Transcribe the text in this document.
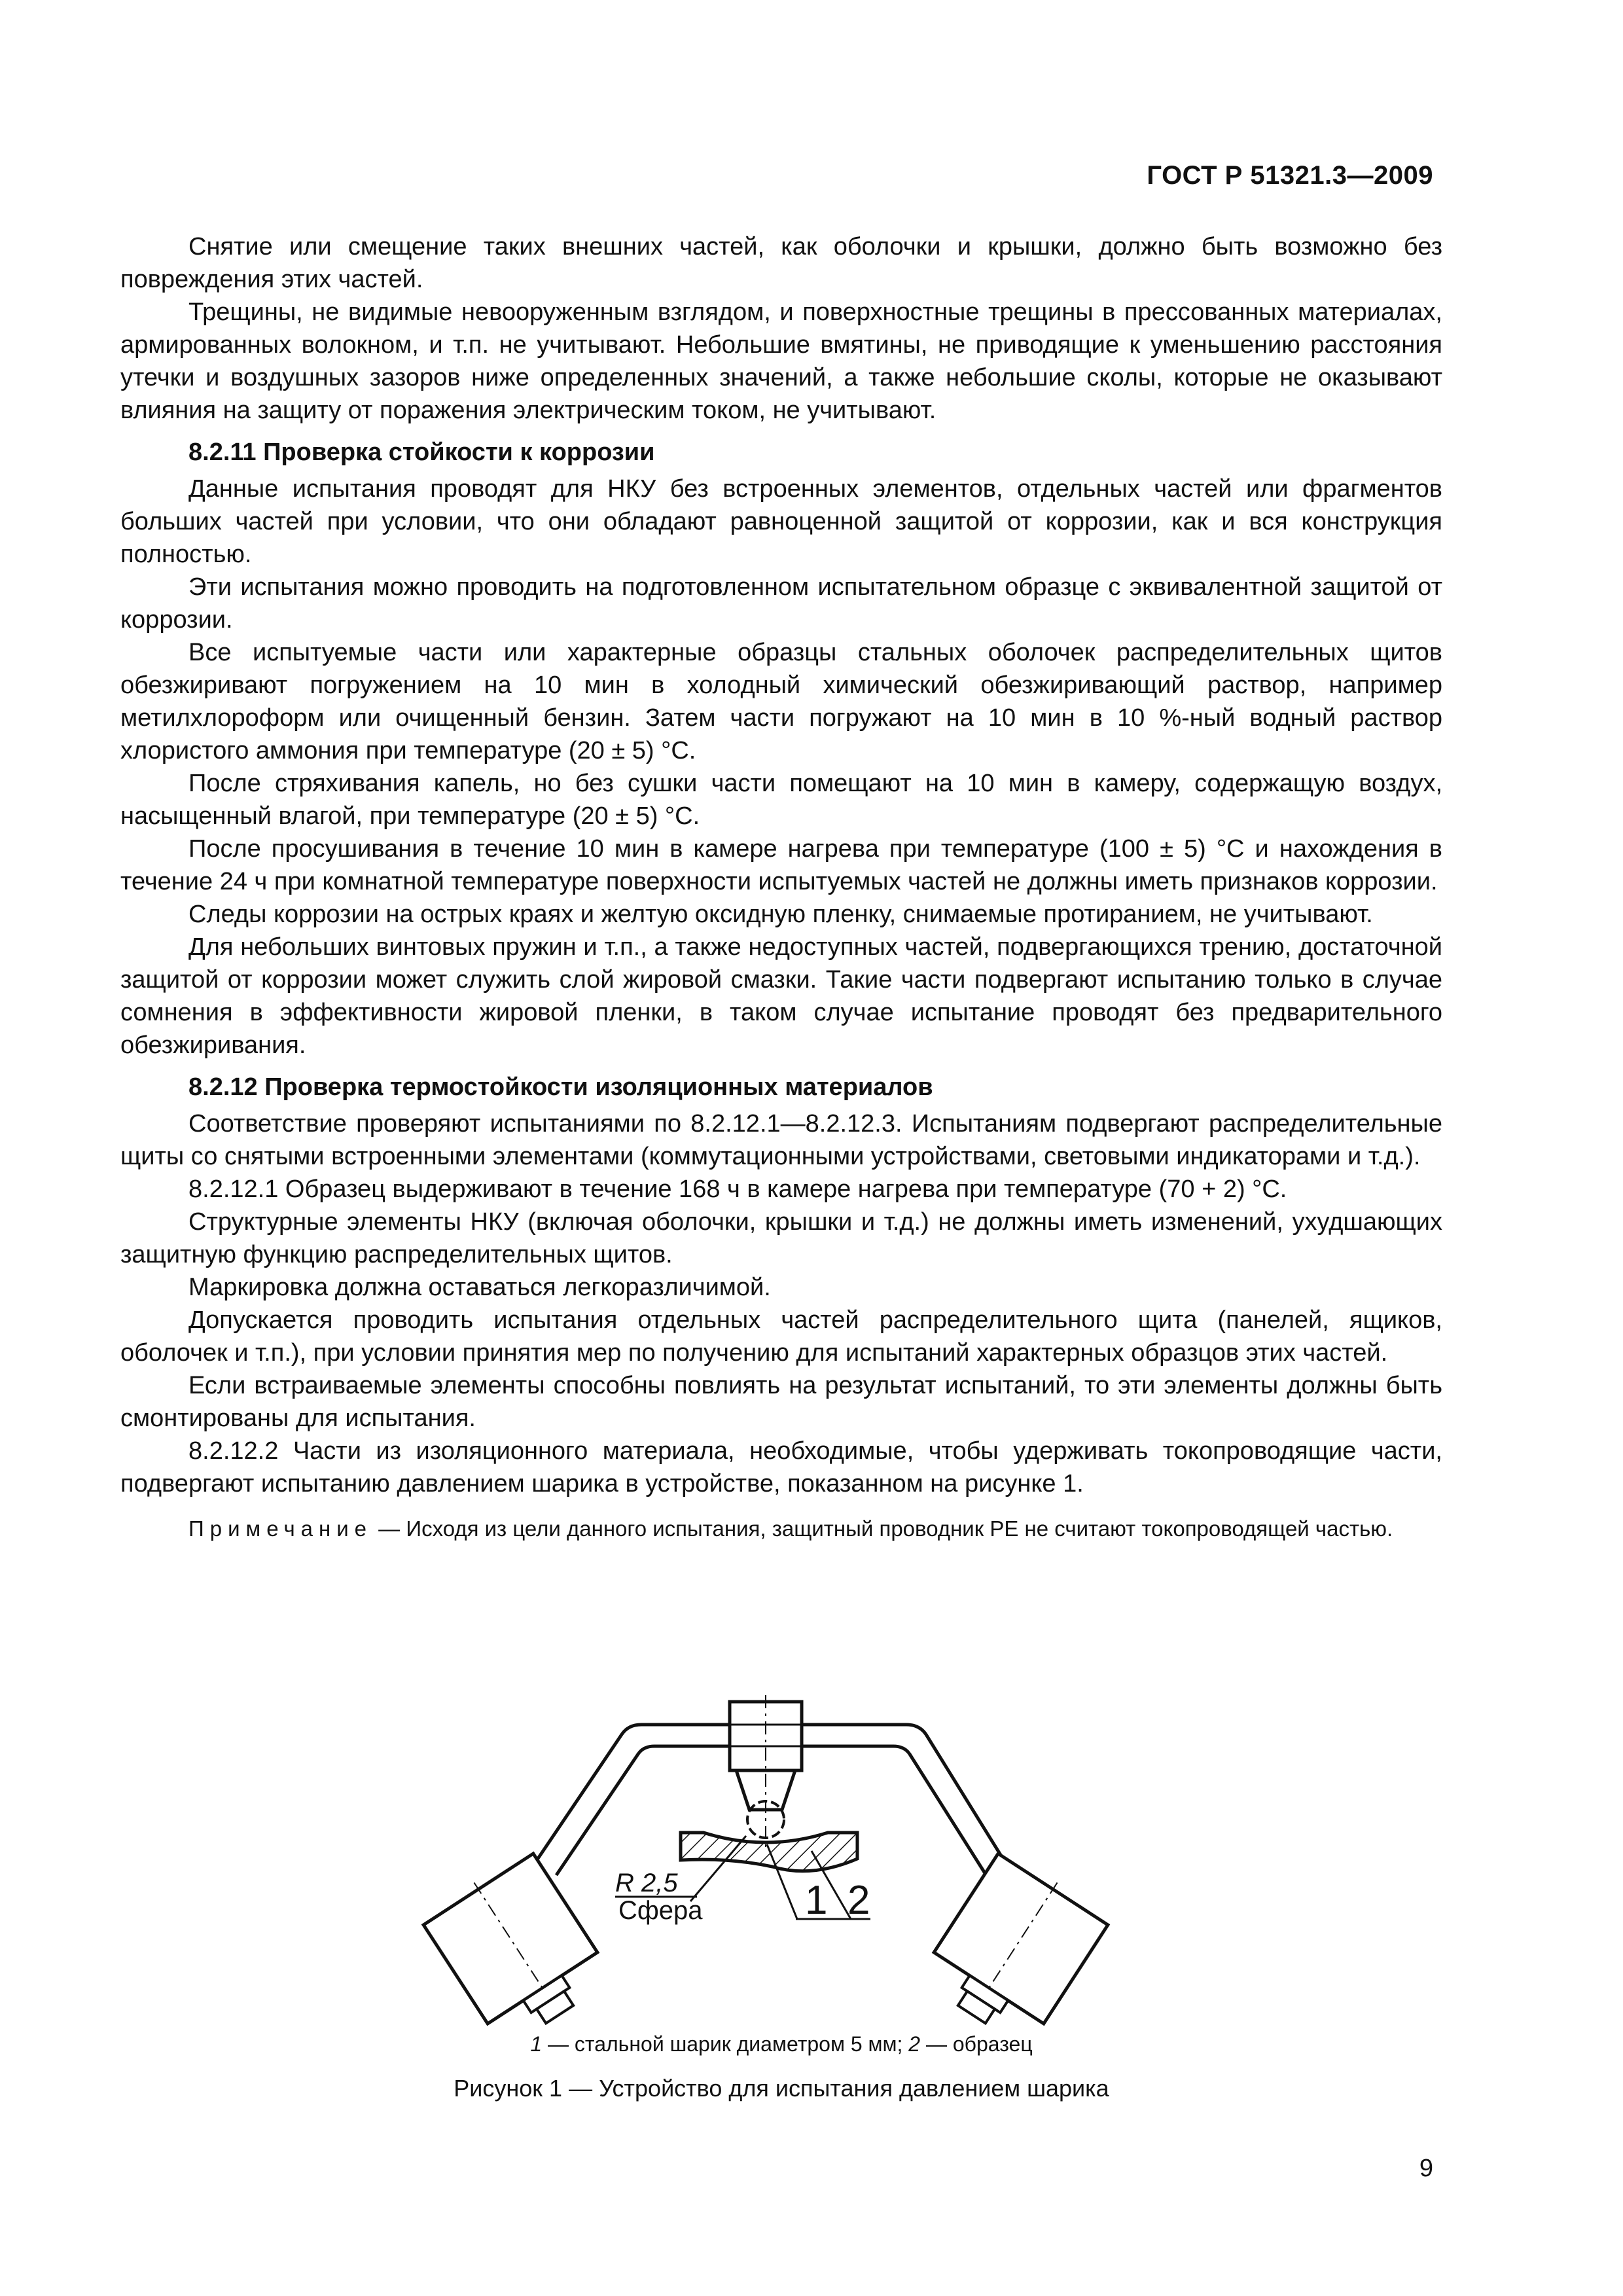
ГОСТ Р 51321.3—2009

Снятие или смещение таких внешних частей, как оболочки и крышки, должно быть возможно без повреждения этих частей.

Трещины, не видимые невооруженным взглядом, и поверхностные трещины в прессованных материалах, армированных волокном, и т.п. не учитывают. Небольшие вмятины, не приводящие к уменьшению расстояния утечки и воздушных зазоров ниже определенных значений, а также небольшие сколы, которые не оказывают влияния на защиту от поражения электрическим током, не учитывают.

8.2.11 Проверка стойкости к коррозии

Данные испытания проводят для НКУ без встроенных элементов, отдельных частей или фрагментов больших частей при условии, что они обладают равноценной защитой от коррозии, как и вся конструкция полностью.

Эти испытания можно проводить на подготовленном испытательном образце с эквивалентной защитой от коррозии.

Все испытуемые части или характерные образцы стальных оболочек распределительных щитов обезжиривают погружением на 10 мин в холодный химический обезжиривающий раствор, например метилхлороформ или очищенный бензин. Затем части погружают на 10 мин в 10 %-ный водный раствор хлористого аммония при температуре (20 ± 5) °С.

После стряхивания капель, но без сушки части помещают на 10 мин в камеру, содержащую воздух, насыщенный влагой, при температуре (20 ± 5) °С.

После просушивания в течение 10 мин в камере нагрева при температуре (100 ± 5) °С и нахождения в течение 24 ч при комнатной температуре поверхности испытуемых частей не должны иметь признаков коррозии.

Следы коррозии на острых краях и желтую оксидную пленку, снимаемые протиранием, не учитывают.

Для небольших винтовых пружин и т.п., а также недоступных частей, подвергающихся трению, достаточной защитой от коррозии может служить слой жировой смазки. Такие части подвергают испытанию только в случае сомнения в эффективности жировой пленки, в таком случае испытание проводят без предварительного обезжиривания.

8.2.12 Проверка термостойкости изоляционных материалов

Соответствие проверяют испытаниями по 8.2.12.1—8.2.12.3. Испытаниям подвергают распределительные щиты со снятыми встроенными элементами (коммутационными устройствами, световыми индикаторами и т.д.).

8.2.12.1 Образец выдерживают в течение 168 ч в камере нагрева при температуре (70 + 2) °С.

Структурные элементы НКУ (включая оболочки, крышки и т.д.) не должны иметь изменений, ухудшающих защитную функцию распределительных щитов.

Маркировка должна оставаться легкоразличимой.

Допускается проводить испытания отдельных частей распределительного щита (панелей, ящиков, оболочек и т.п.), при условии принятия мер по получению для испытаний характерных образцов этих частей.

Если встраиваемые элементы способны повлиять на результат испытаний, то эти элементы должны быть смонтированы для испытания.

8.2.12.2 Части из изоляционного материала, необходимые, чтобы удерживать токопроводящие части, подвергают испытанию давлением шарика в устройстве, показанном на рисунке 1.

Примечание — Исходя из цели данного испытания, защитный проводник РЕ не считают токопроводящей частью.

R 2,5
Сфера	1 2
1 — стальной шарик диаметром 5 мм; 2 — образец
Рисунок 1 — Устройство для испытания давлением шарика
9
